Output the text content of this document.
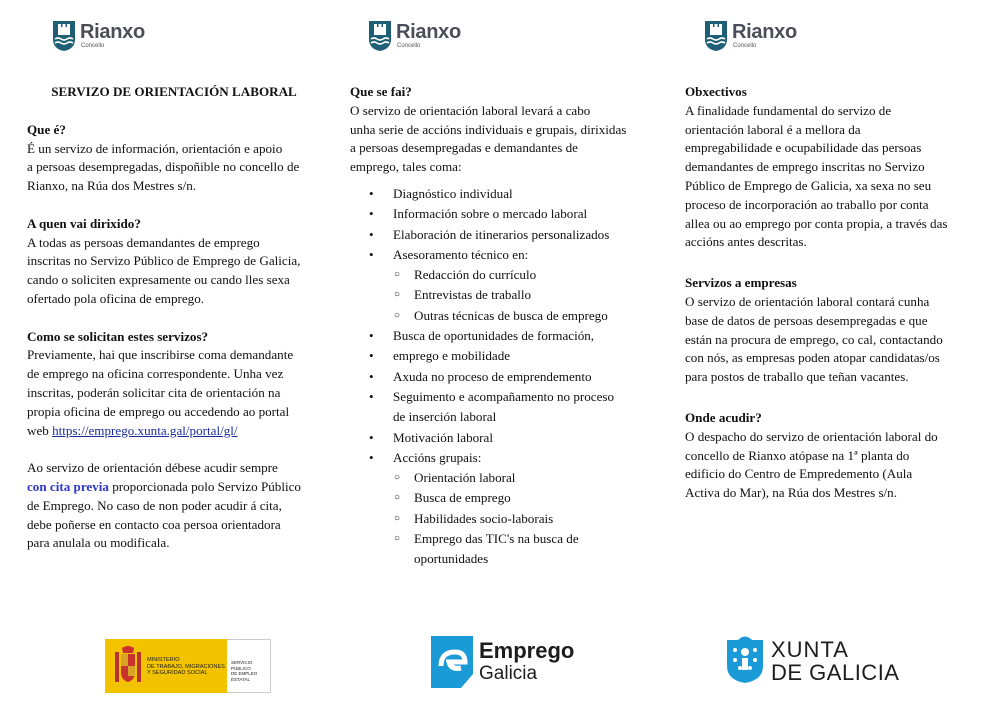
Rianxo
Concello
Rianxo
Concello
Rianxo
Concello

SERVIZO DE ORIENTACIÓN LABORAL

Que é?

É un servizo de información, orientación e apoio

a persoas desempregadas, dispoñible no concello de

Rianxo, na Rúa dos Mestres s/n.

A quen vai dirixido?

A todas as persoas demandantes de emprego

inscritas no Servizo Público de Emprego de Galicia,

cando o soliciten expresamente ou cando lles sexa

ofertado pola oficina de emprego.

Como se solicitan estes servizos?

Previamente, hai que inscribirse coma demandante

de emprego na oficina correspondente. Unha vez

inscritas, poderán solicitar cita de orientación na

propia oficina de emprego ou accedendo ao portal

web https://emprego.xunta.gal/portal/gl/

Ao servizo de orientación débese acudir sempre

con cita previa proporcionada polo Servizo Público

de Emprego. No caso de non poder acudir á cita,

debe poñerse en contacto coa persoa orientadora

para anulala ou modificala.

Que se fai?

O servizo de orientación laboral levará a cabo

unha serie de accións individuais e grupais, dirixidas

a persoas desempregadas e demandantes de

emprego, tales coma:

• Diagnóstico individual
• Información sobre o mercado laboral
• Elaboración de itinerarios personalizados
• Asesoramento técnico en:
○ Redacción do currículo
○ Entrevistas de traballo
○ Outras técnicas de busca de emprego
• Busca de oportunidades de formación,
• emprego e mobilidade
• Axuda no proceso de emprendemento
• Seguimento e acompañamento no proceso
de inserción laboral
• Motivación laboral
• Accións grupais:
○ Orientación laboral
○ Busca de emprego
○ Habilidades socio-laborais
○ Emprego das TIC's na busca de
oportunidades

Obxectivos

A finalidade fundamental do servizo de

orientación laboral é a mellora da

empregabilidade e ocupabilidade das persoas

demandantes de emprego inscritas no Servizo

Público de Emprego de Galicia, xa sexa no seu

proceso de incorporación ao traballo por conta

allea ou ao emprego por conta propia, a través das

accións antes descritas.

Servizos a empresas

O servizo de orientación laboral contará cunha

base de datos de persoas desempregadas e que

están na procura de emprego, co cal, contactando

con nós, as empresas poden atopar candidatas/os

para postos de traballo que teñan vacantes.

Onde acudir?

O despacho do servizo de orientación laboral do

concello de Rianxo atópase na 1ª planta do

edificio do Centro de Empredemento (Aula

Activa do Mar), na Rúa dos Mestres s/n.

MINISTERIO
DE TRABAJO, MIGRACIONES
Y SEGURIDAD SOCIAL
SERVICIO PÚBLICO
DE EMPLEO ESTATAL
Emprego
Galicia
XUNTA
DE GALICIA
